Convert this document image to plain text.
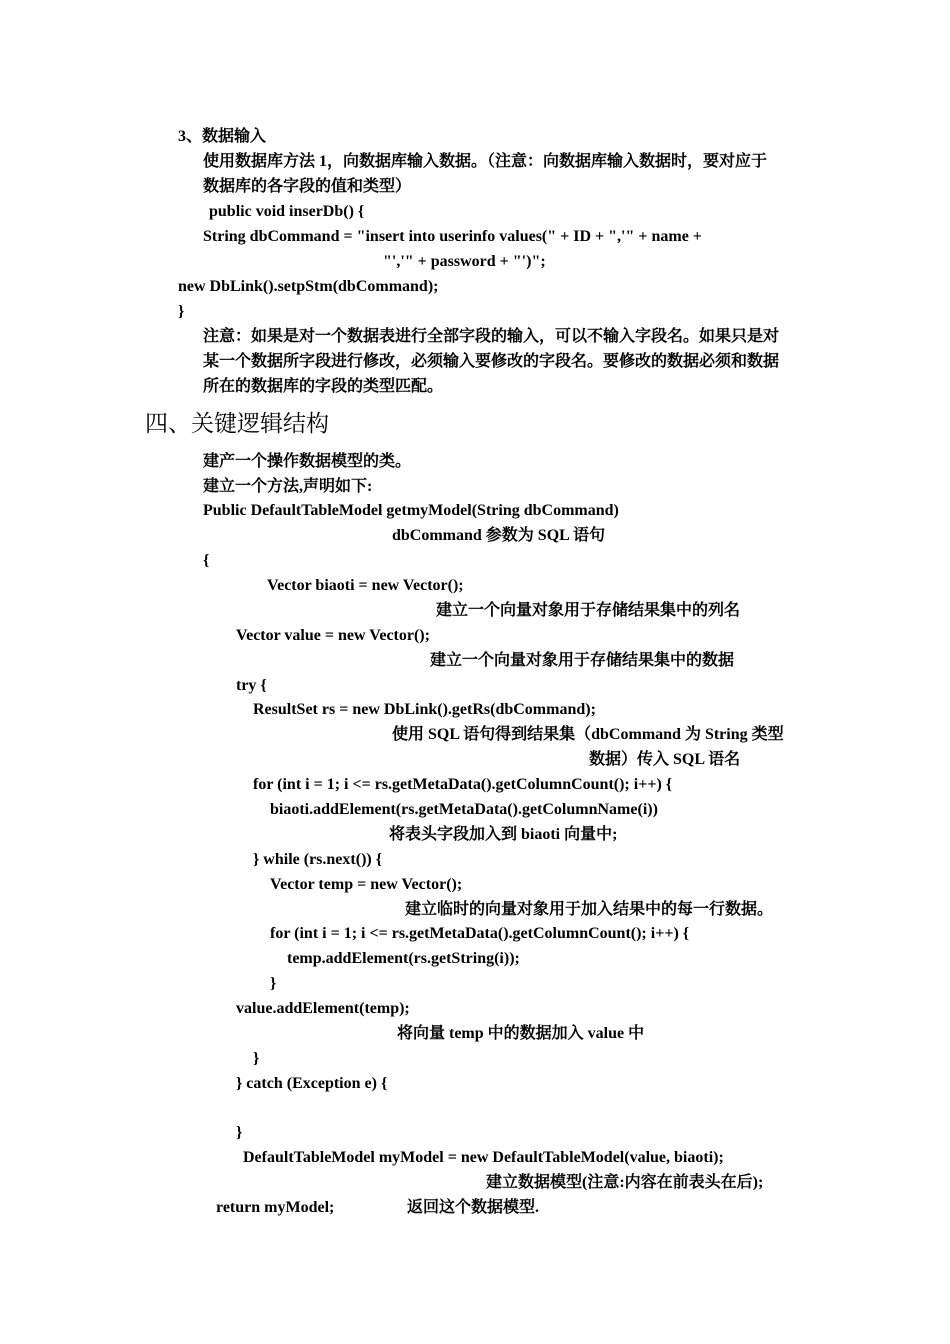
3、数据输入
使用数据库方法 1，向数据库输入数据。（注意：向数据库输入数据时，要对应于
数据库的各字段的值和类型）
public void inserDb() {
String dbCommand = "insert into userinfo values(" + ID + ",'" + name +
"','" + password + "')";
new DbLink().setpStm(dbCommand);
}
注意：如果是对一个数据表进行全部字段的输入，可以不输入字段名。如果只是对
某一个数据所字段进行修改，必须输入要修改的字段名。要修改的数据必须和数据
所在的数据库的字段的类型匹配。
四、关键逻辑结构
建产一个操作数据模型的类。
建立一个方法,声明如下:
Public DefaultTableModel getmyModel(String dbCommand)
dbCommand 参数为 SQL 语句
{
Vector biaoti = new Vector();
建立一个向量对象用于存储结果集中的列名
Vector value = new Vector();
建立一个向量对象用于存储结果集中的数据
try {
ResultSet rs = new DbLink().getRs(dbCommand);
使用 SQL 语句得到结果集（dbCommand 为 String 类型
数据）传入 SQL 语名
for (int i = 1; i <= rs.getMetaData().getColumnCount(); i++) {
biaoti.addElement(rs.getMetaData().getColumnName(i))
将表头字段加入到 biaoti 向量中;
} while (rs.next()) {
Vector temp = new Vector();
建立临时的向量对象用于加入结果中的每一行数据。
for (int i = 1; i <= rs.getMetaData().getColumnCount(); i++) {
temp.addElement(rs.getString(i));
}
value.addElement(temp);
将向量 temp 中的数据加入 value 中
}
} catch (Exception e) {
}
DefaultTableModel myModel = new DefaultTableModel(value, biaoti);
建立数据模型(注意:内容在前表头在后);
return myModel;	返回这个数据模型.
